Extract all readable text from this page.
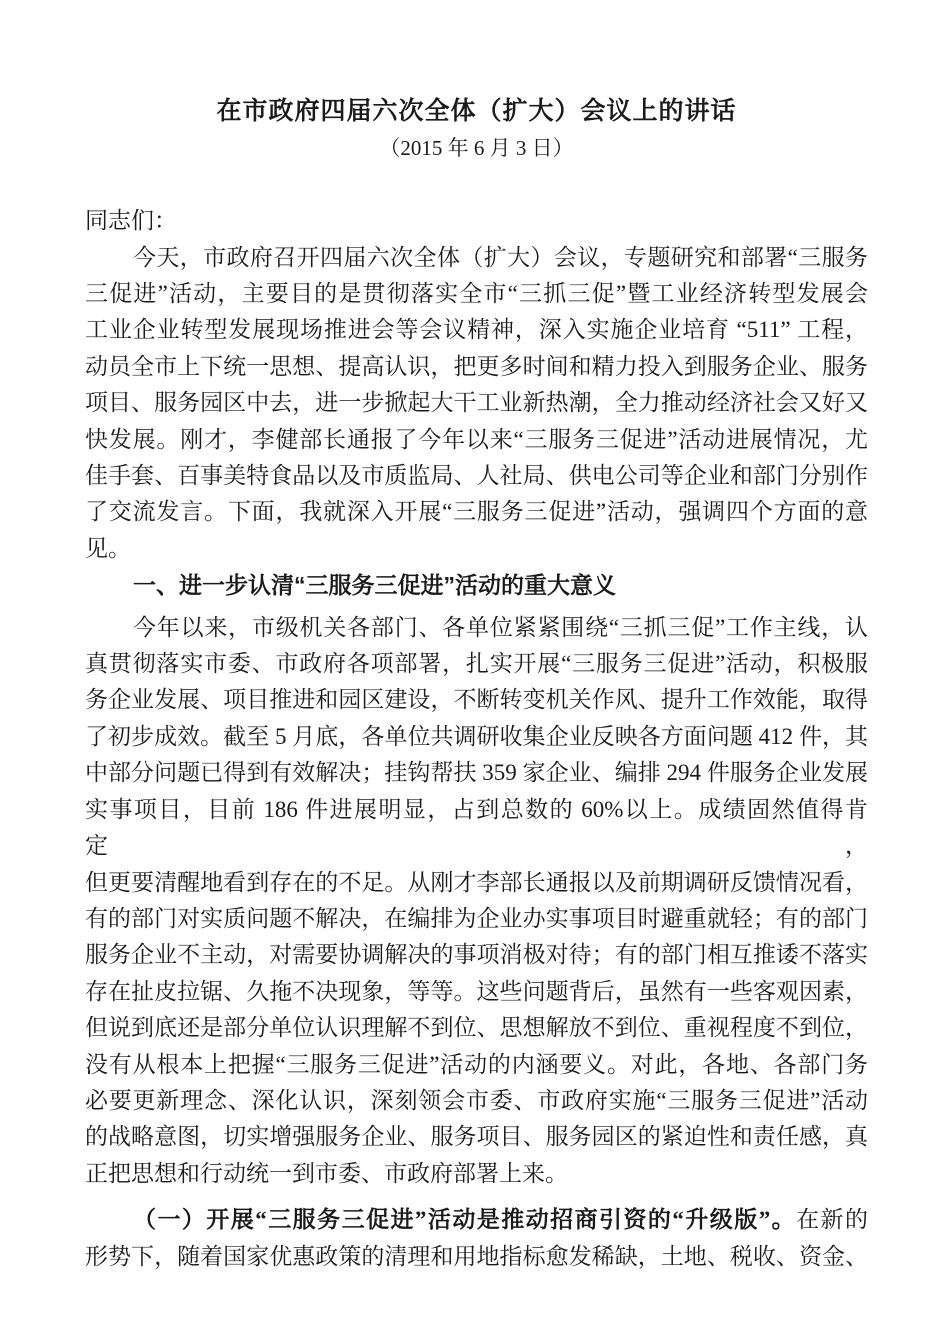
在市政府四届六次全体（扩大）会议上的讲话
（2015 年 6 月 3 日）
同志们：
今天，市政府召开四届六次全体（扩大）会议，专题研究和部署“三服务
三促进”活动，主要目的是贯彻落实全市“三抓三促”暨工业经济转型发展会
工业企业转型发展现场推进会等会议精神，深入实施企业培育 “511” 工程，
动员全市上下统一思想、提高认识，把更多时间和精力投入到服务企业、服务
项目、服务园区中去，进一步掀起大干工业新热潮，全力推动经济社会又好又
快发展。刚才，李健部长通报了今年以来“三服务三促进”活动进展情况，尤
佳手套、百事美特食品以及市质监局、人社局、供电公司等企业和部门分别作
了交流发言。下面，我就深入开展“三服务三促进”活动，强调四个方面的意
见。
一、进一步认清“三服务三促进”活动的重大意义
今年以来，市级机关各部门、各单位紧紧围绕“三抓三促”工作主线，认
真贯彻落实市委、市政府各项部署，扎实开展“三服务三促进”活动，积极服
务企业发展、项目推进和园区建设，不断转变机关作风、提升工作效能，取得
了初步成效。截至 5 月底，各单位共调研收集企业反映各方面问题 412 件，其
中部分问题已得到有效解决；挂钩帮扶 359 家企业、编排 294 件服务企业发展
实事项目，目前 186 件进展明显，占到总数的 60%以上。成绩固然值得肯定，
但更要清醒地看到存在的不足。从刚才李部长通报以及前期调研反馈情况看，
有的部门对实质问题不解决，在编排为企业办实事项目时避重就轻；有的部门
服务企业不主动，对需要协调解决的事项消极对待；有的部门相互推诿不落实
存在扯皮拉锯、久拖不决现象，等等。这些问题背后，虽然有一些客观因素，
但说到底还是部分单位认识理解不到位、思想解放不到位、重视程度不到位，
没有从根本上把握“三服务三促进”活动的内涵要义。对此，各地、各部门务
必要更新理念、深化认识，深刻领会市委、市政府实施“三服务三促进”活动
的战略意图，切实增强服务企业、服务项目、服务园区的紧迫性和责任感，真
正把思想和行动统一到市委、市政府部署上来。
（一）开展“三服务三促进”活动是推动招商引资的“升级版”。在新的
形势下，随着国家优惠政策的清理和用地指标愈发稀缺，土地、税收、资金、
